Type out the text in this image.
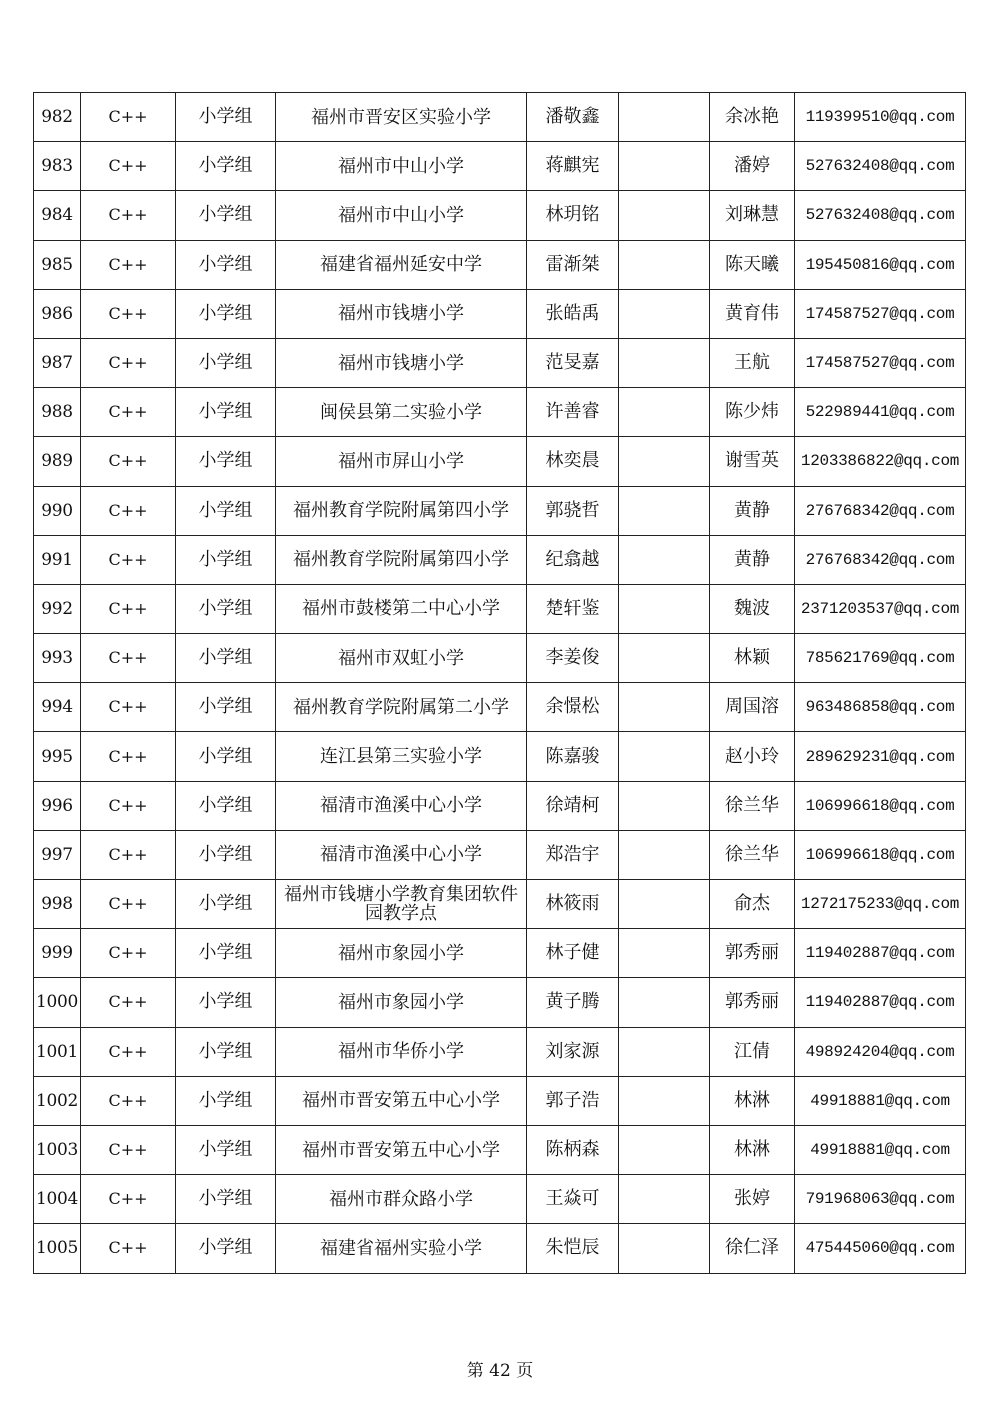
982	C++	小学组	福州市晋安区实验小学	潘敬鑫		余冰艳	119399510@qq.com
983	C++	小学组	福州市中山小学	蒋麒宪		潘婷	527632408@qq.com
984	C++	小学组	福州市中山小学	林玥铭		刘琳慧	527632408@qq.com
985	C++	小学组	福建省福州延安中学	雷渐桀		陈天曦	195450816@qq.com
986	C++	小学组	福州市钱塘小学	张皓禹		黄育伟	174587527@qq.com
987	C++	小学组	福州市钱塘小学	范旻嘉		王航	174587527@qq.com
988	C++	小学组	闽侯县第二实验小学	许善睿		陈少炜	522989441@qq.com
989	C++	小学组	福州市屏山小学	林奕晨		谢雪英	1203386822@qq.com
990	C++	小学组	福州教育学院附属第四小学	郭骁哲		黄静	276768342@qq.com
991	C++	小学组	福州教育学院附属第四小学	纪翕越		黄静	276768342@qq.com
992	C++	小学组	福州市鼓楼第二中心小学	楚轩鉴		魏波	2371203537@qq.com
993	C++	小学组	福州市双虹小学	李姜俊		林颖	785621769@qq.com
994	C++	小学组	福州教育学院附属第二小学	余憬松		周国溶	963486858@qq.com
995	C++	小学组	连江县第三实验小学	陈嘉骏		赵小玲	289629231@qq.com
996	C++	小学组	福清市渔溪中心小学	徐靖柯		徐兰华	106996618@qq.com
997	C++	小学组	福清市渔溪中心小学	郑浩宇		徐兰华	106996618@qq.com
998	C++	小学组	福州市钱塘小学教育集团软件园教学点	林筱雨		俞杰	1272175233@qq.com
999	C++	小学组	福州市象园小学	林子健		郭秀丽	119402887@qq.com
1000	C++	小学组	福州市象园小学	黄子腾		郭秀丽	119402887@qq.com
1001	C++	小学组	福州市华侨小学	刘家源		江倩	498924204@qq.com
1002	C++	小学组	福州市晋安第五中心小学	郭子浩		林淋	49918881@qq.com
1003	C++	小学组	福州市晋安第五中心小学	陈柄森		林淋	49918881@qq.com
1004	C++	小学组	福州市群众路小学	王焱可		张婷	791968063@qq.com
1005	C++	小学组	福建省福州实验小学	朱恺辰		徐仁泽	475445060@qq.com
第 42 页
